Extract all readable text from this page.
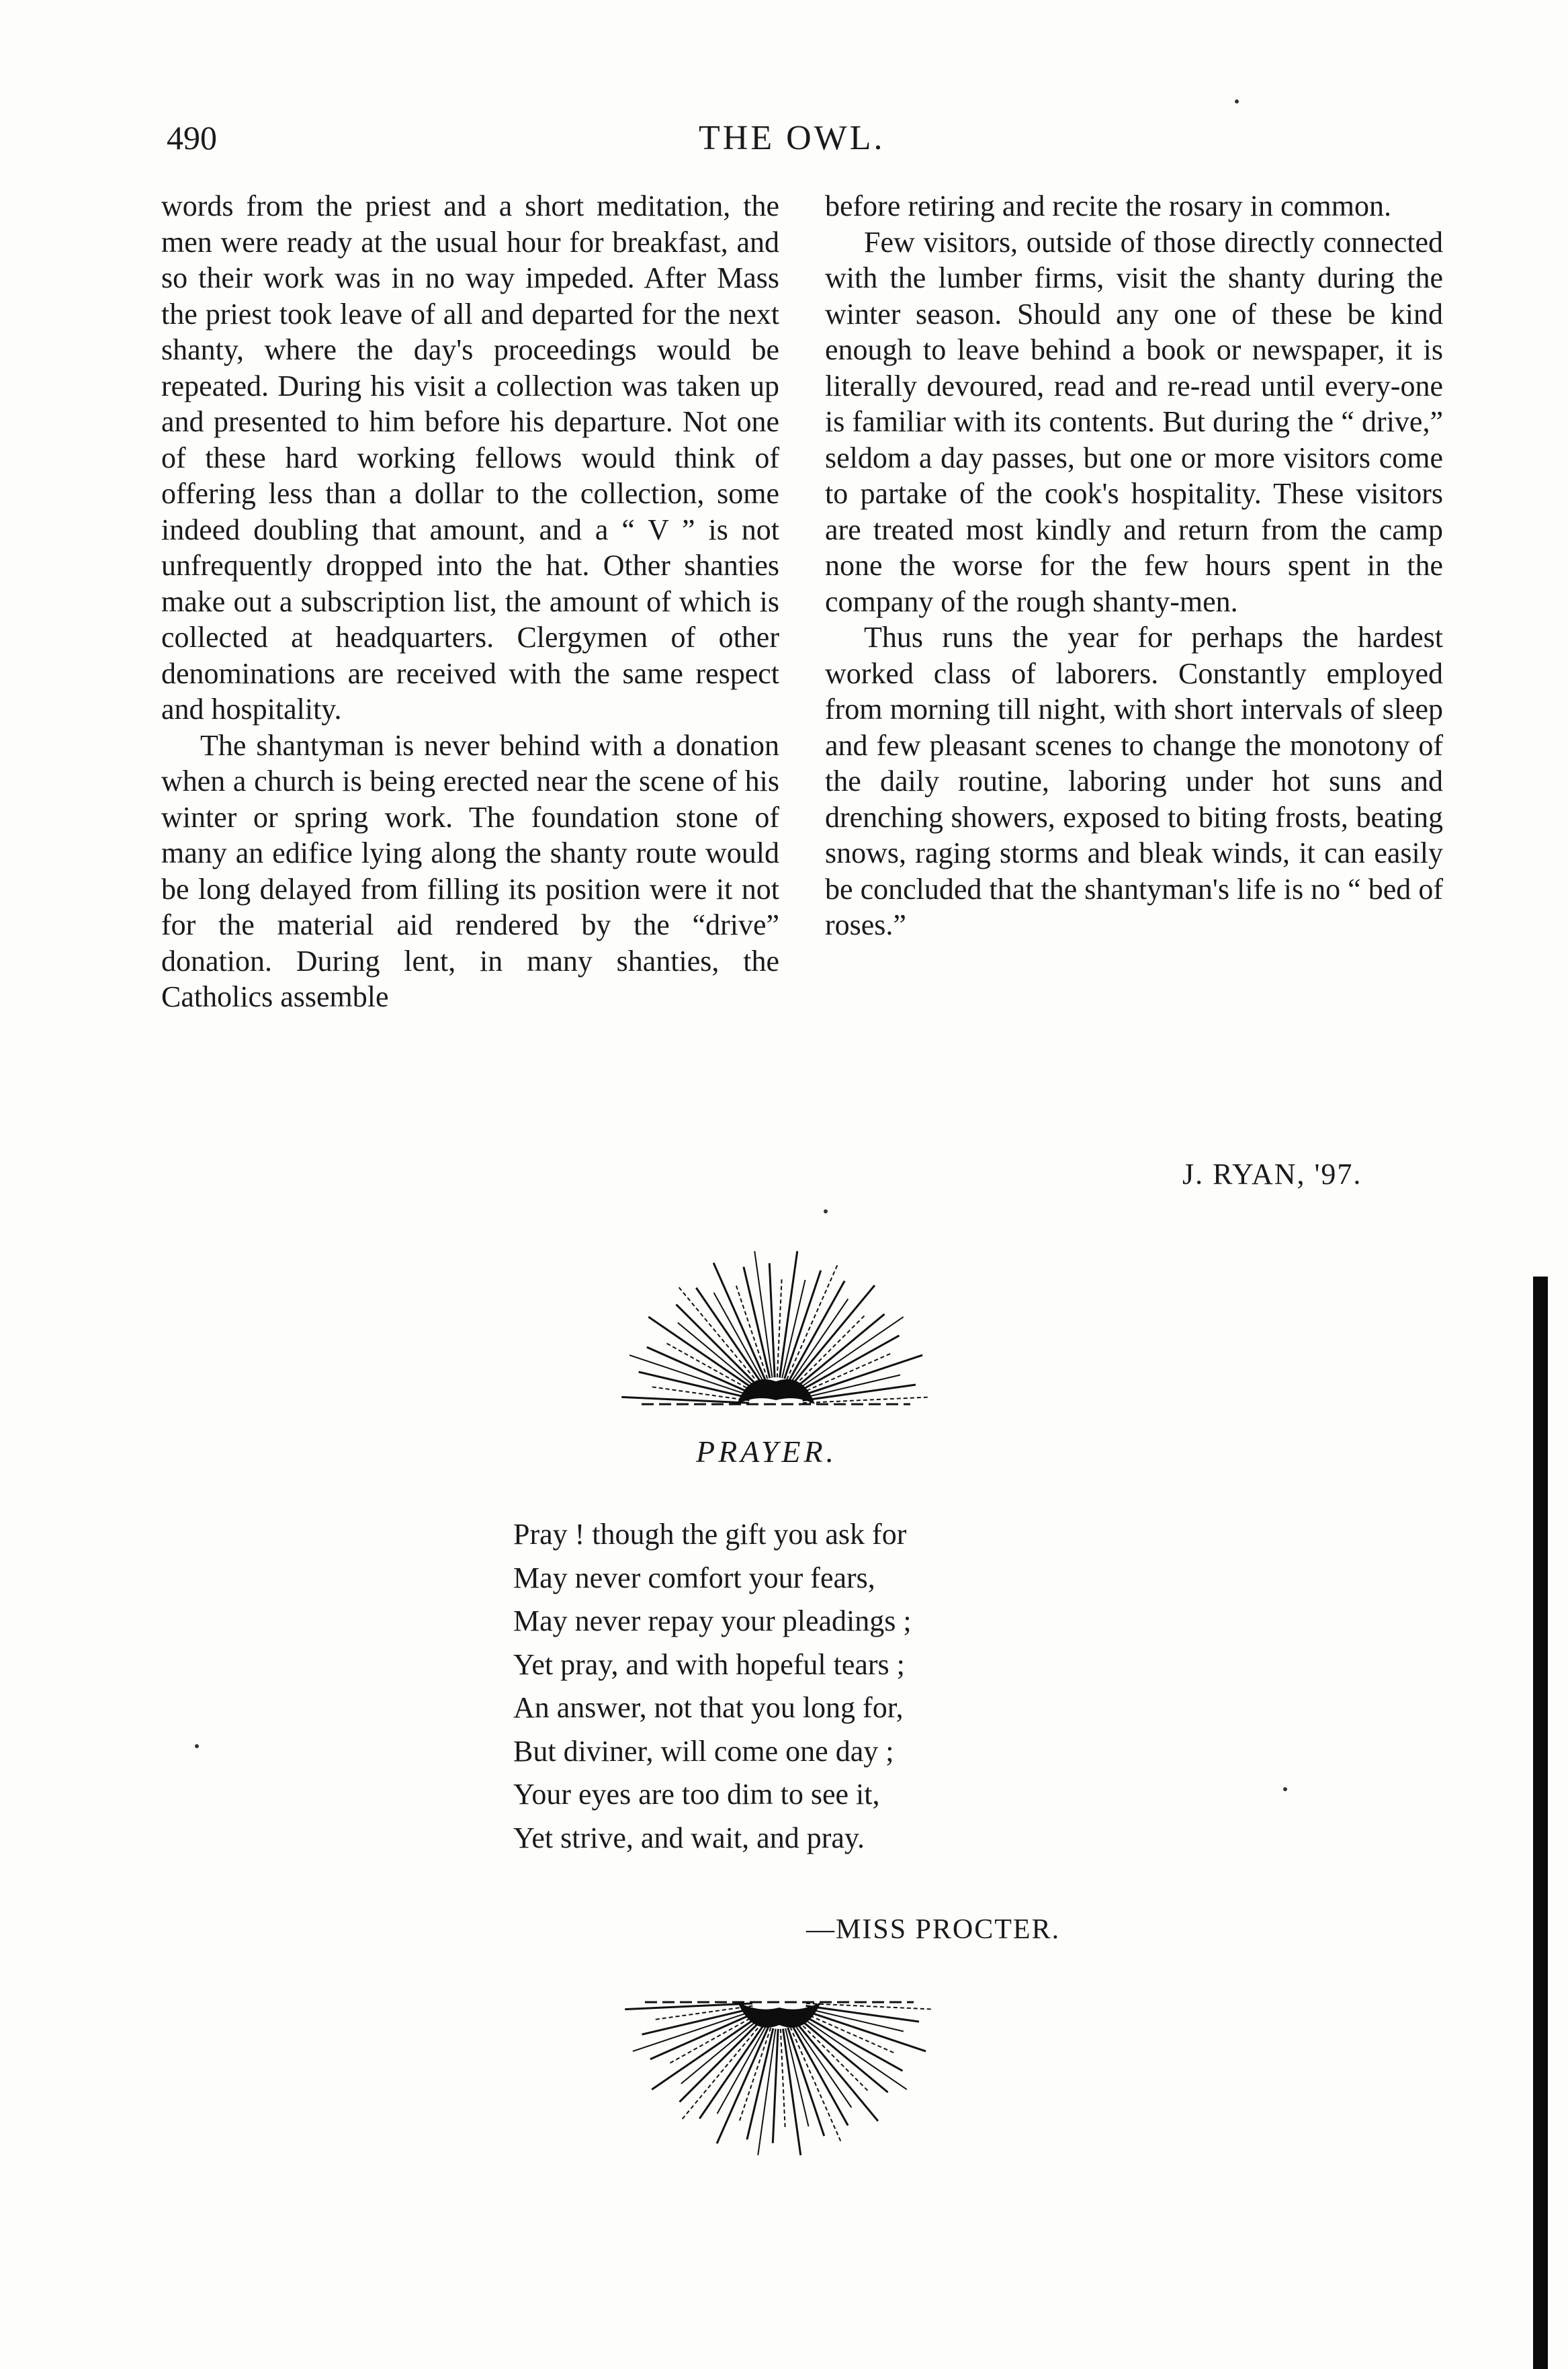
490	THE OWL.

words from the priest and a short meditation, the men were ready at the usual hour for breakfast, and so their work was in no way impeded. After Mass the priest took leave of all and departed for the next shanty, where the day's proceedings would be repeated. During his visit a collection was taken up and presented to him before his departure. Not one of these hard working fellows would think of offering less than a dollar to the collection, some indeed doubling that amount, and a “ V ” is not unfrequently dropped into the hat. Other shanties make out a subscription list, the amount of which is collected at headquarters. Clergymen of other denominations are received with the same respect and hospitality.

The shantyman is never behind with a donation when a church is being erected near the scene of his winter or spring work. The foundation stone of many an edifice lying along the shanty route would be long delayed from filling its position were it not for the material aid rendered by the “drive” donation. During lent, in many shanties, the Catholics assemble

before retiring and recite the rosary in common.

Few visitors, outside of those directly connected with the lumber firms, visit the shanty during the winter season. Should any one of these be kind enough to leave behind a book or newspaper, it is literally devoured, read and re-read until every-one is familiar with its contents. But during the “ drive,” seldom a day passes, but one or more visitors come to partake of the cook's hospitality. These visitors are treated most kindly and return from the camp none the worse for the few hours spent in the company of the rough shanty-men.

Thus runs the year for perhaps the hardest worked class of laborers. Constantly employed from morning till night, with short intervals of sleep and few pleasant scenes to change the monotony of the daily routine, laboring under hot suns and drenching showers, exposed to biting frosts, beating snows, raging storms and bleak winds, it can easily be concluded that the shantyman's life is no “ bed of roses.”

J. RYAN, '97.
PRAYER.
Pray ! though the gift you ask for
May never comfort your fears,
May never repay your pleadings ;
Yet pray, and with hopeful tears ;
An answer, not that you long for,
But diviner, will come one day ;
Your eyes are too dim to see it,
Yet strive, and wait, and pray.
—MISS PROCTER.
